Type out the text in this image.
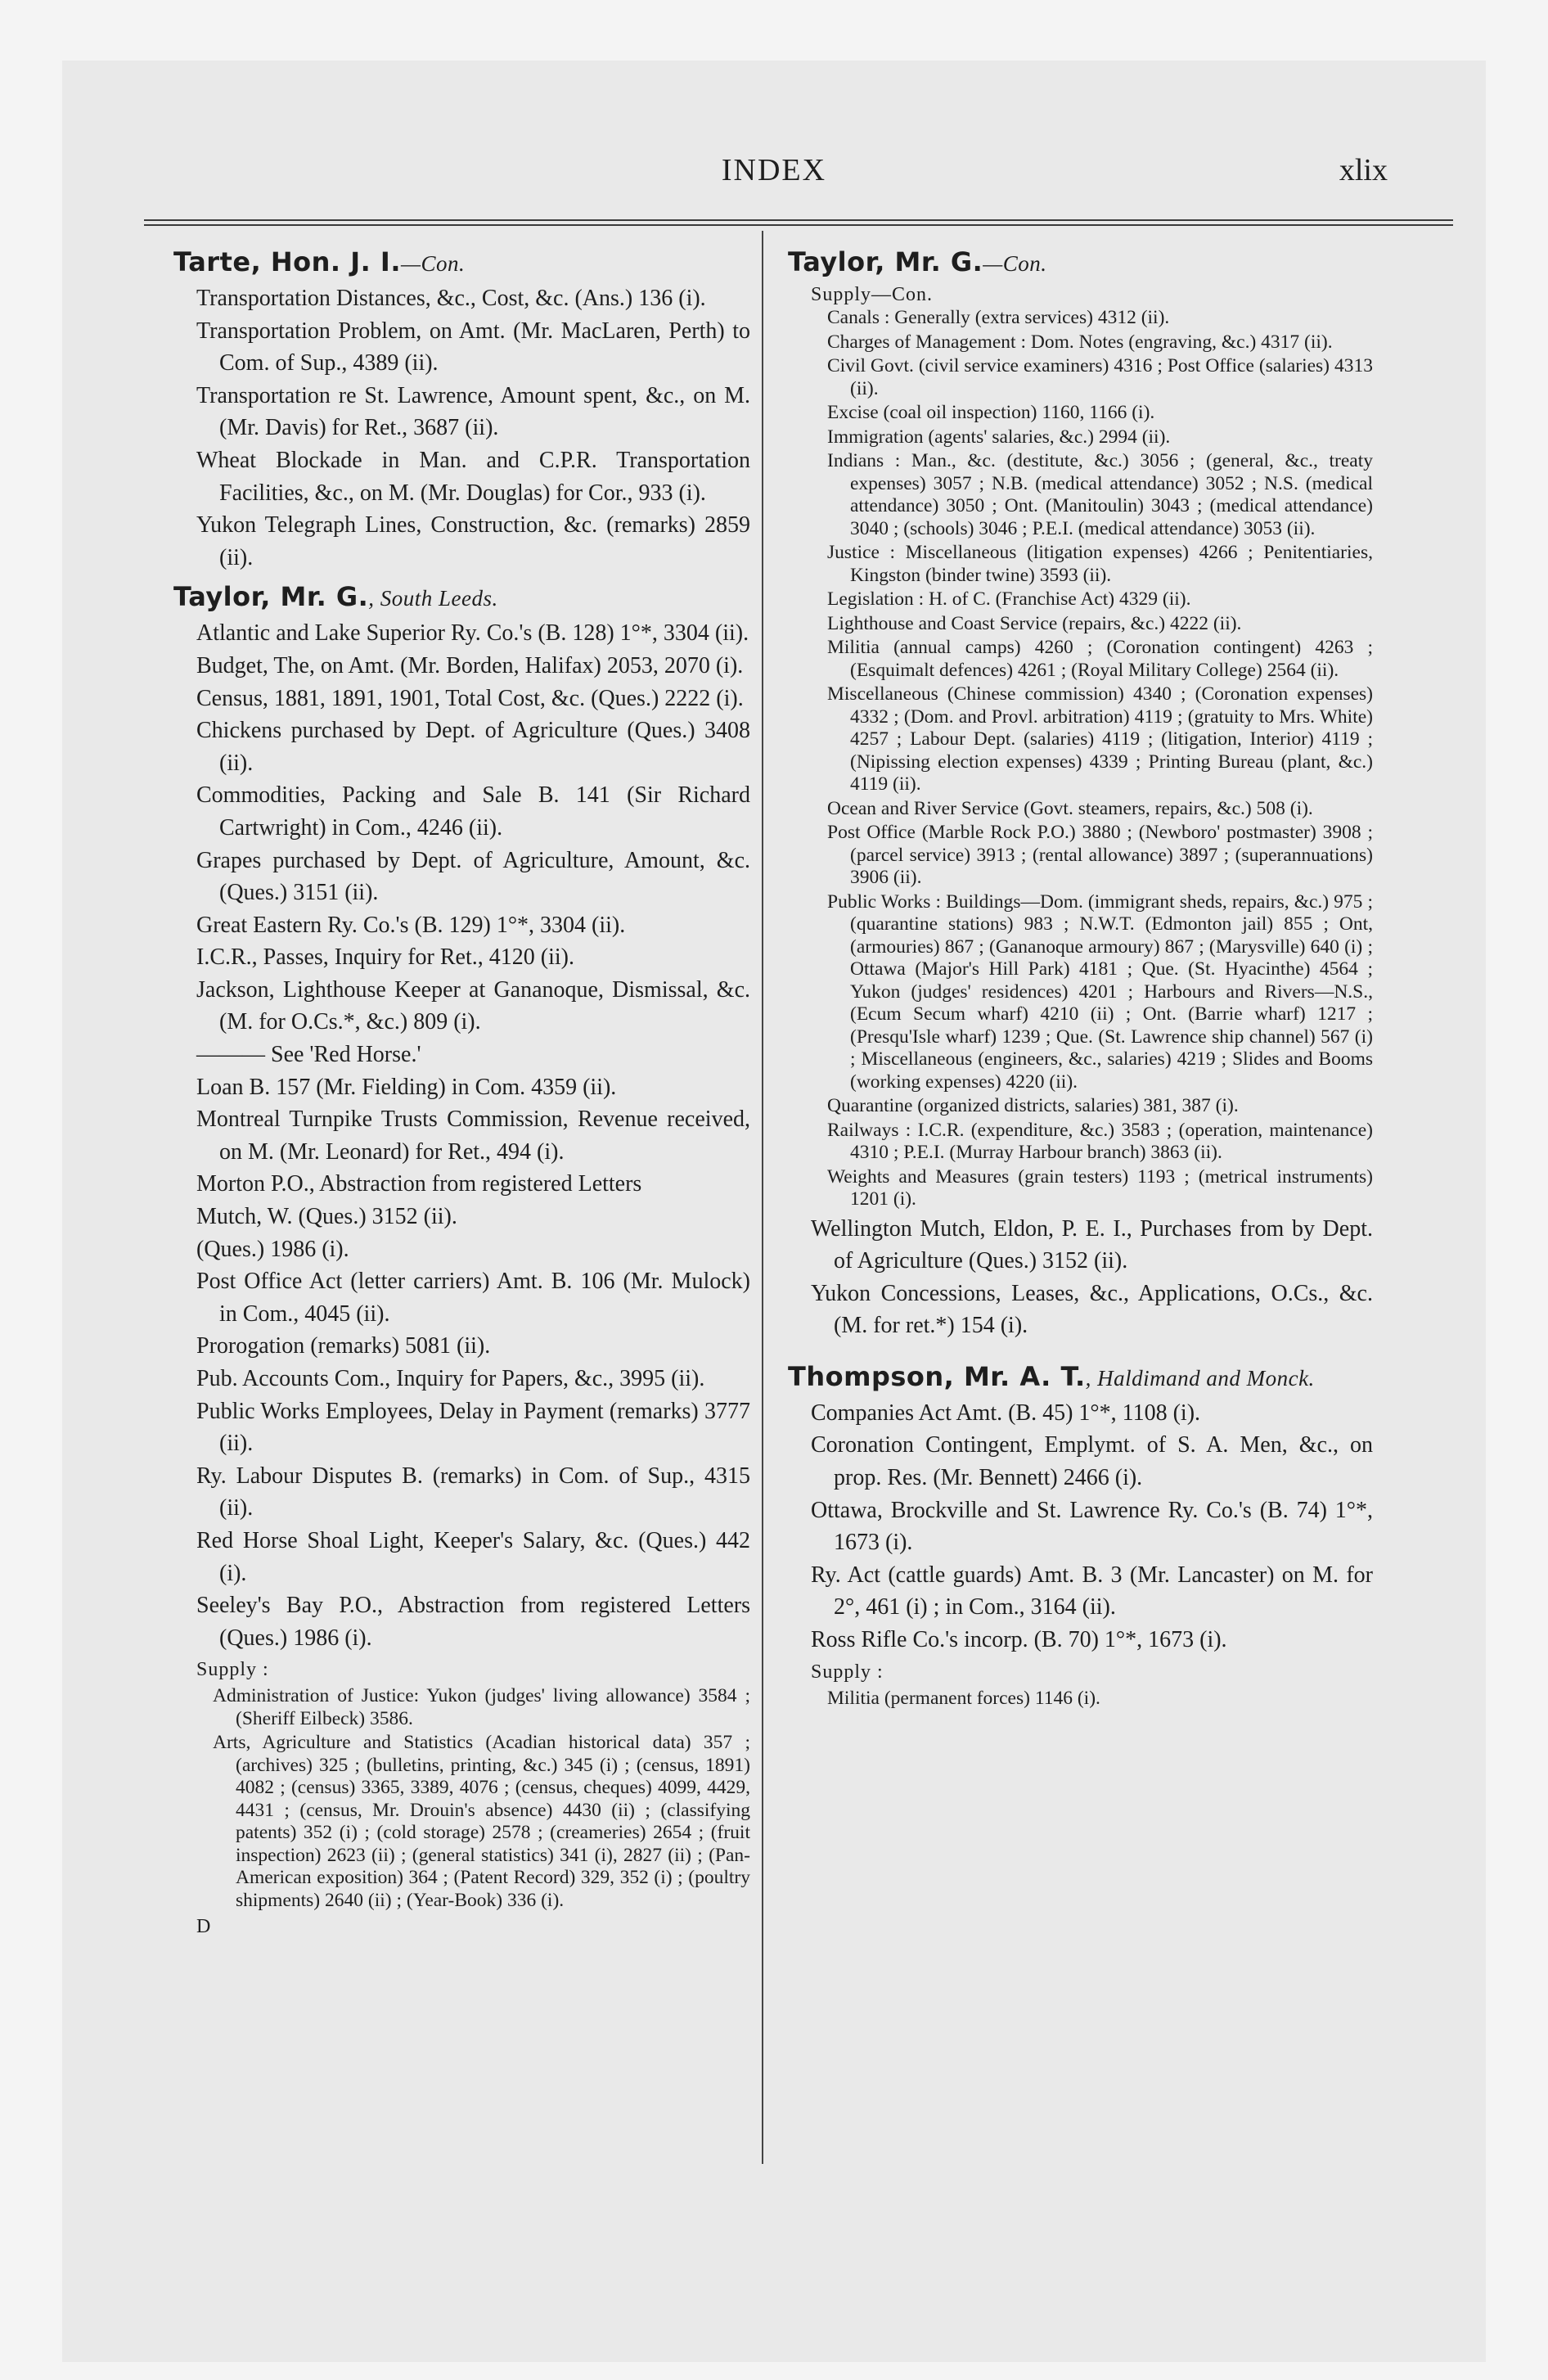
INDEX	xlix
Tarte, Hon. J. I.—Con.
Transportation Distances, &c., Cost, &c. (Ans.) 136 (i).
Transportation Problem, on Amt. (Mr. MacLaren, Perth) to Com. of Sup., 4389 (ii).
Transportation re St. Lawrence, Amount spent, &c., on M. (Mr. Davis) for Ret., 3687 (ii).
Wheat Blockade in Man. and C.P.R. Transportation Facilities, &c., on M. (Mr. Douglas) for Cor., 933 (i).
Yukon Telegraph Lines, Construction, &c. (remarks) 2859 (ii).
Taylor, Mr. G., South Leeds.
Atlantic and Lake Superior Ry. Co.'s (B. 128) 1°*, 3304 (ii).
Budget, The, on Amt. (Mr. Borden, Halifax) 2053, 2070 (i).
Census, 1881, 1891, 1901, Total Cost, &c. (Ques.) 2222 (i).
Chickens purchased by Dept. of Agriculture (Ques.) 3408 (ii).
Commodities, Packing and Sale B. 141 (Sir Richard Cartwright) in Com., 4246 (ii).
Grapes purchased by Dept. of Agriculture, Amount, &c. (Ques.) 3151 (ii).
Great Eastern Ry. Co.'s (B. 129) 1°*, 3304 (ii).
I.C.R., Passes, Inquiry for Ret., 4120 (ii).
Jackson, Lighthouse Keeper at Gananoque, Dismissal, &c. (M. for O.Cs.*, &c.) 809 (i).
——— See 'Red Horse.'
Loan B. 157 (Mr. Fielding) in Com. 4359 (ii).
Montreal Turnpike Trusts Commission, Revenue received, on M. (Mr. Leonard) for Ret., 494 (i).
Morton P.O., Abstraction from registered Letters
Mutch, W. (Ques.) 3152 (ii).
(Ques.) 1986 (i).
Post Office Act (letter carriers) Amt. B. 106 (Mr. Mulock) in Com., 4045 (ii).
Prorogation (remarks) 5081 (ii).
Pub. Accounts Com., Inquiry for Papers, &c., 3995 (ii).
Public Works Employees, Delay in Payment (remarks) 3777 (ii).
Ry. Labour Disputes B. (remarks) in Com. of Sup., 4315 (ii).
Red Horse Shoal Light, Keeper's Salary, &c. (Ques.) 442 (i).
Seeley's Bay P.O., Abstraction from registered Letters (Ques.) 1986 (i).
Supply :
Administration of Justice: Yukon (judges' living allowance) 3584 ; (Sheriff Eilbeck) 3586.
Arts, Agriculture and Statistics (Acadian historical data) 357 ; (archives) 325 ; (bulletins, printing, &c.) 345 (i) ; (census, 1891) 4082 ; (census) 3365, 3389, 4076 ; (census, cheques) 4099, 4429, 4431 ; (census, Mr. Drouin's absence) 4430 (ii) ; (classifying patents) 352 (i) ; (cold storage) 2578 ; (creameries) 2654 ; (fruit inspection) 2623 (ii) ; (general statistics) 341 (i), 2827 (ii) ; (Pan-American exposition) 364 ; (Patent Record) 329, 352 (i) ; (poultry shipments) 2640 (ii) ; (Year-Book) 336 (i).
D
Taylor, Mr. G.—Con.
Supply—Con.
Canals : Generally (extra services) 4312 (ii).
Charges of Management : Dom. Notes (engraving, &c.) 4317 (ii).
Civil Govt. (civil service examiners) 4316 ; Post Office (salaries) 4313 (ii).
Excise (coal oil inspection) 1160, 1166 (i).
Immigration (agents' salaries, &c.) 2994 (ii).
Indians : Man., &c. (destitute, &c.) 3056 ; (general, &c., treaty expenses) 3057 ; N.B. (medical attendance) 3052 ; N.S. (medical attendance) 3050 ; Ont. (Manitoulin) 3043 ; (medical attendance) 3040 ; (schools) 3046 ; P.E.I. (medical attendance) 3053 (ii).
Justice : Miscellaneous (litigation expenses) 4266 ; Penitentiaries, Kingston (binder twine) 3593 (ii).
Legislation : H. of C. (Franchise Act) 4329 (ii).
Lighthouse and Coast Service (repairs, &c.) 4222 (ii).
Militia (annual camps) 4260 ; (Coronation contingent) 4263 ; (Esquimalt defences) 4261 ; (Royal Military College) 2564 (ii).
Miscellaneous (Chinese commission) 4340 ; (Coronation expenses) 4332 ; (Dom. and Provl. arbitration) 4119 ; (gratuity to Mrs. White) 4257 ; Labour Dept. (salaries) 4119 ; (litigation, Interior) 4119 ; (Nipissing election expenses) 4339 ; Printing Bureau (plant, &c.) 4119 (ii).
Ocean and River Service (Govt. steamers, repairs, &c.) 508 (i).
Post Office (Marble Rock P.O.) 3880 ; (Newboro' postmaster) 3908 ; (parcel service) 3913 ; (rental allowance) 3897 ; (superannuations) 3906 (ii).
Public Works : Buildings—Dom. (immigrant sheds, repairs, &c.) 975 ; (quarantine stations) 983 ; N.W.T. (Edmonton jail) 855 ; Ont, (armouries) 867 ; (Gananoque armoury) 867 ; (Marysville) 640 (i) ; Ottawa (Major's Hill Park) 4181 ; Que. (St. Hyacinthe) 4564 ; Yukon (judges' residences) 4201 ; Harbours and Rivers—N.S., (Ecum Secum wharf) 4210 (ii) ; Ont. (Barrie wharf) 1217 ; (Presqu'Isle wharf) 1239 ; Que. (St. Lawrence ship channel) 567 (i) ; Miscellaneous (engineers, &c., salaries) 4219 ; Slides and Booms (working expenses) 4220 (ii).
Quarantine (organized districts, salaries) 381, 387 (i).
Railways : I.C.R. (expenditure, &c.) 3583 ; (operation, maintenance) 4310 ; P.E.I. (Murray Harbour branch) 3863 (ii).
Weights and Measures (grain testers) 1193 ; (metrical instruments) 1201 (i).
Wellington Mutch, Eldon, P. E. I., Purchases from by Dept. of Agriculture (Ques.) 3152 (ii).
Yukon Concessions, Leases, &c., Applications, O.Cs., &c. (M. for ret.*) 154 (i).
Thompson, Mr. A. T., Haldimand and Monck.
Companies Act Amt. (B. 45) 1°*, 1108 (i).
Coronation Contingent, Emplymt. of S. A. Men, &c., on prop. Res. (Mr. Bennett) 2466 (i).
Ottawa, Brockville and St. Lawrence Ry. Co.'s (B. 74) 1°*, 1673 (i).
Ry. Act (cattle guards) Amt. B. 3 (Mr. Lancaster) on M. for 2°, 461 (i) ; in Com., 3164 (ii).
Ross Rifle Co.'s incorp. (B. 70) 1°*, 1673 (i).
Supply :
Militia (permanent forces) 1146 (i).
